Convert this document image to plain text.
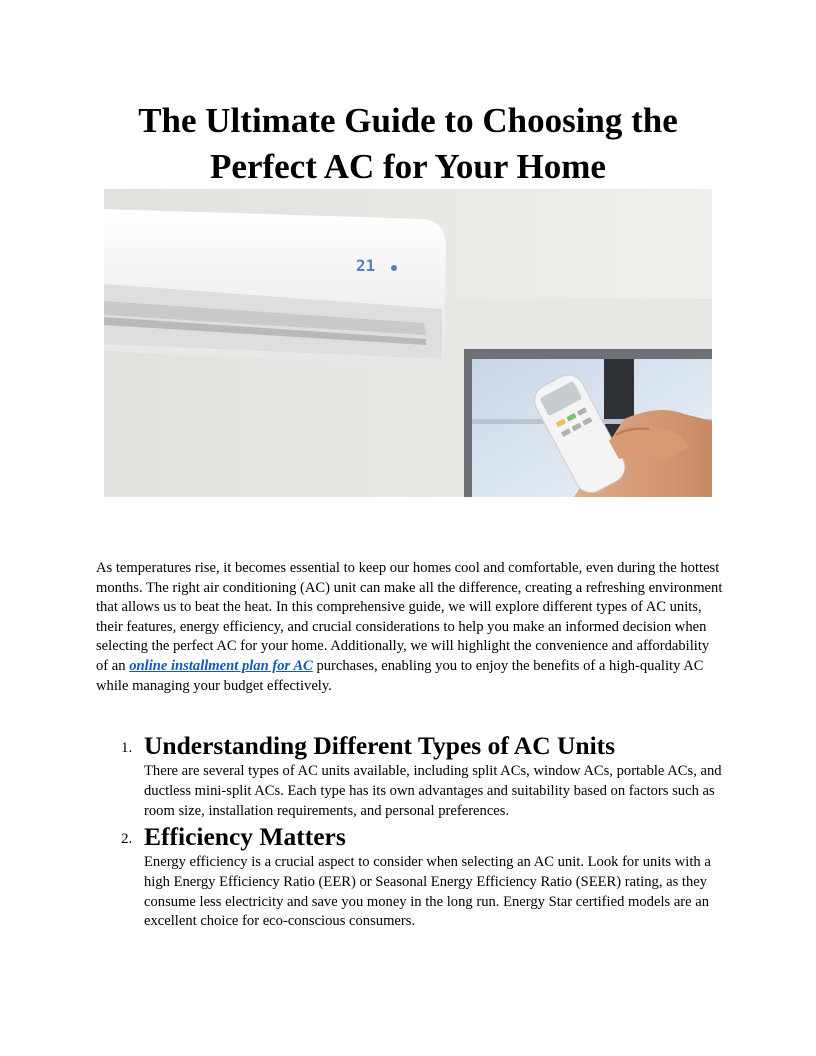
The Ultimate Guide to Choosing the
Perfect AC for Your Home
21

As temperatures rise, it becomes essential to keep our homes cool and comfortable, even during the hottest months. The right air conditioning (AC) unit can make all the difference, creating a refreshing environment that allows us to beat the heat. In this comprehensive guide, we will explore different types of AC units, their features, energy efficiency, and crucial considerations to help you make an informed decision when selecting the perfect AC for your home. Additionally, we will highlight the convenience and affordability of an online installment plan for AC purchases, enabling you to enjoy the benefits of a high-quality AC while managing your budget effectively.

1. Understanding Different Types of AC Units

There are several types of AC units available, including split ACs, window ACs, portable ACs, and ductless mini-split ACs. Each type has its own advantages and suitability based on factors such as room size, installation requirements, and personal preferences.

2. Efficiency Matters

Energy efficiency is a crucial aspect to consider when selecting an AC unit. Look for units with a high Energy Efficiency Ratio (EER) or Seasonal Energy Efficiency Ratio (SEER) rating, as they consume less electricity and save you money in the long run. Energy Star certified models are an excellent choice for eco-conscious consumers.
